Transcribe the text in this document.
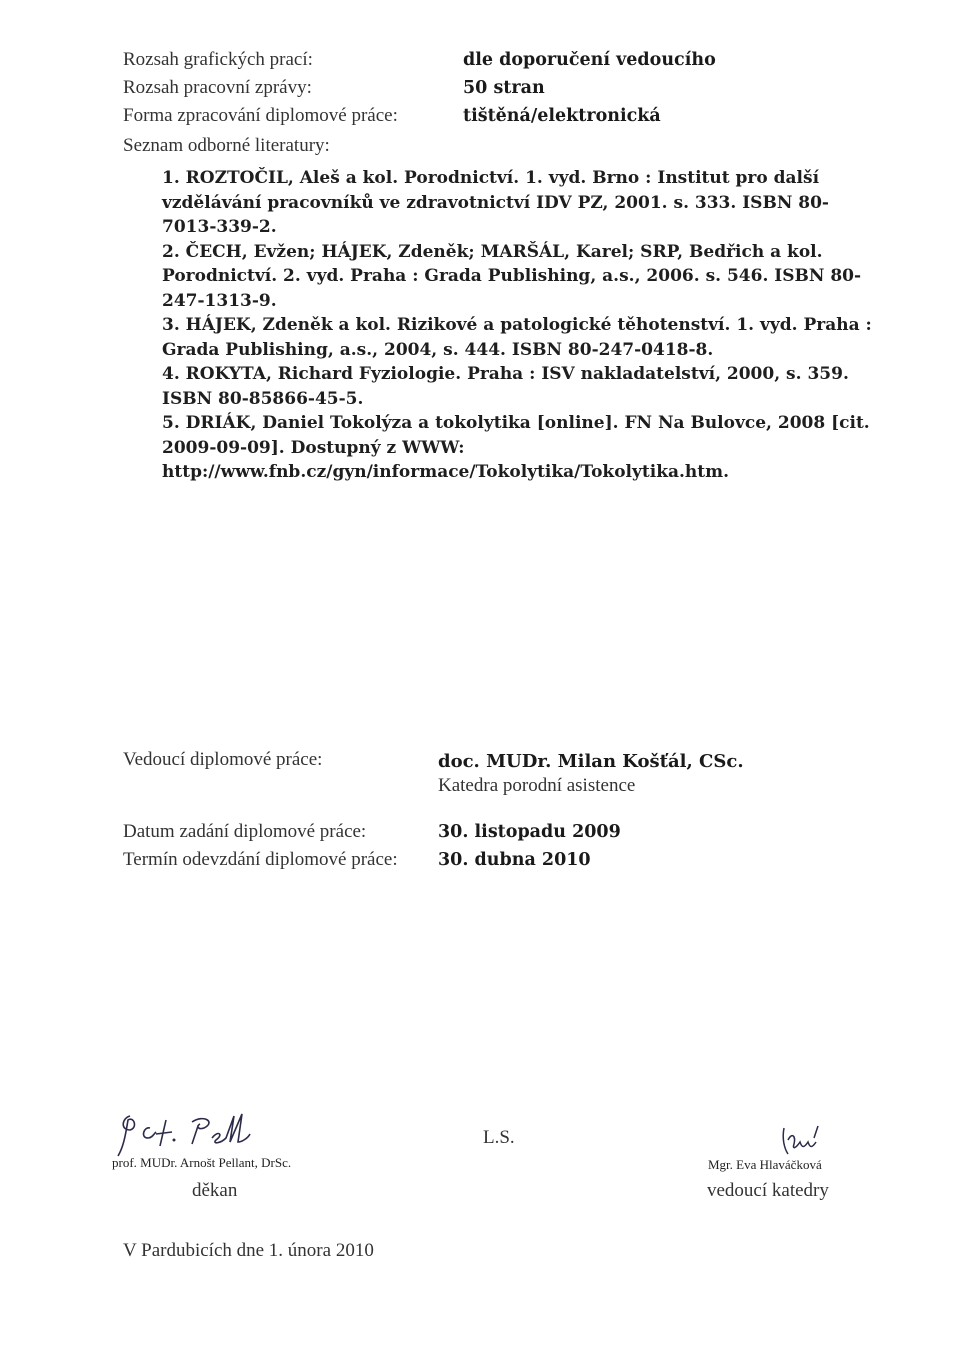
Rozsah grafických prací:	dle doporučení vedoucího
Rozsah pracovní zprávy:	50 stran
Forma zpracování diplomové práce:	tištěná/elektronická
Seznam odborné literatury:

1. ROZTOČIL, Aleš a kol. Porodnictví. 1. vyd. Brno : Institut pro další vzdělávání pracovníků ve zdravotnictví IDV PZ, 2001. s. 333. ISBN 80-7013-339-2.

2. ČECH, Evžen; HÁJEK, Zdeněk; MARŠÁL, Karel; SRP, Bedřich a kol. Porodnictví. 2. vyd. Praha : Grada Publishing, a.s., 2006. s. 546. ISBN 80-247-1313-9.

3. HÁJEK, Zdeněk a kol. Rizikové a patologické těhotenství. 1. vyd. Praha : Grada Publishing, a.s., 2004, s. 444. ISBN 80-247-0418-8.

4. ROKYTA, Richard Fyziologie. Praha : ISV nakladatelství, 2000, s. 359. ISBN 80-85866-45-5.

5. DRIÁK, Daniel Tokolýza a tokolytika [online]. FN Na Bulovce, 2008 [cit. 2009-09-09]. Dostupný z WWW: http://www.fnb.cz/gyn/informace/Tokolytika/Tokolytika.htm.

Vedoucí diplomové práce:	doc. MUDr. Milan Košťál, CSc.
Katedra porodní asistence
Datum zadání diplomové práce:	30. listopadu 2009
Termín odevzdání diplomové práce:	30. dubna 2010
prof. MUDr. Arnošt Pellant, DrSc.
děkan
L.S.
Mgr. Eva Hlaváčková
vedoucí katedry
V Pardubicích dne 1. února 2010
